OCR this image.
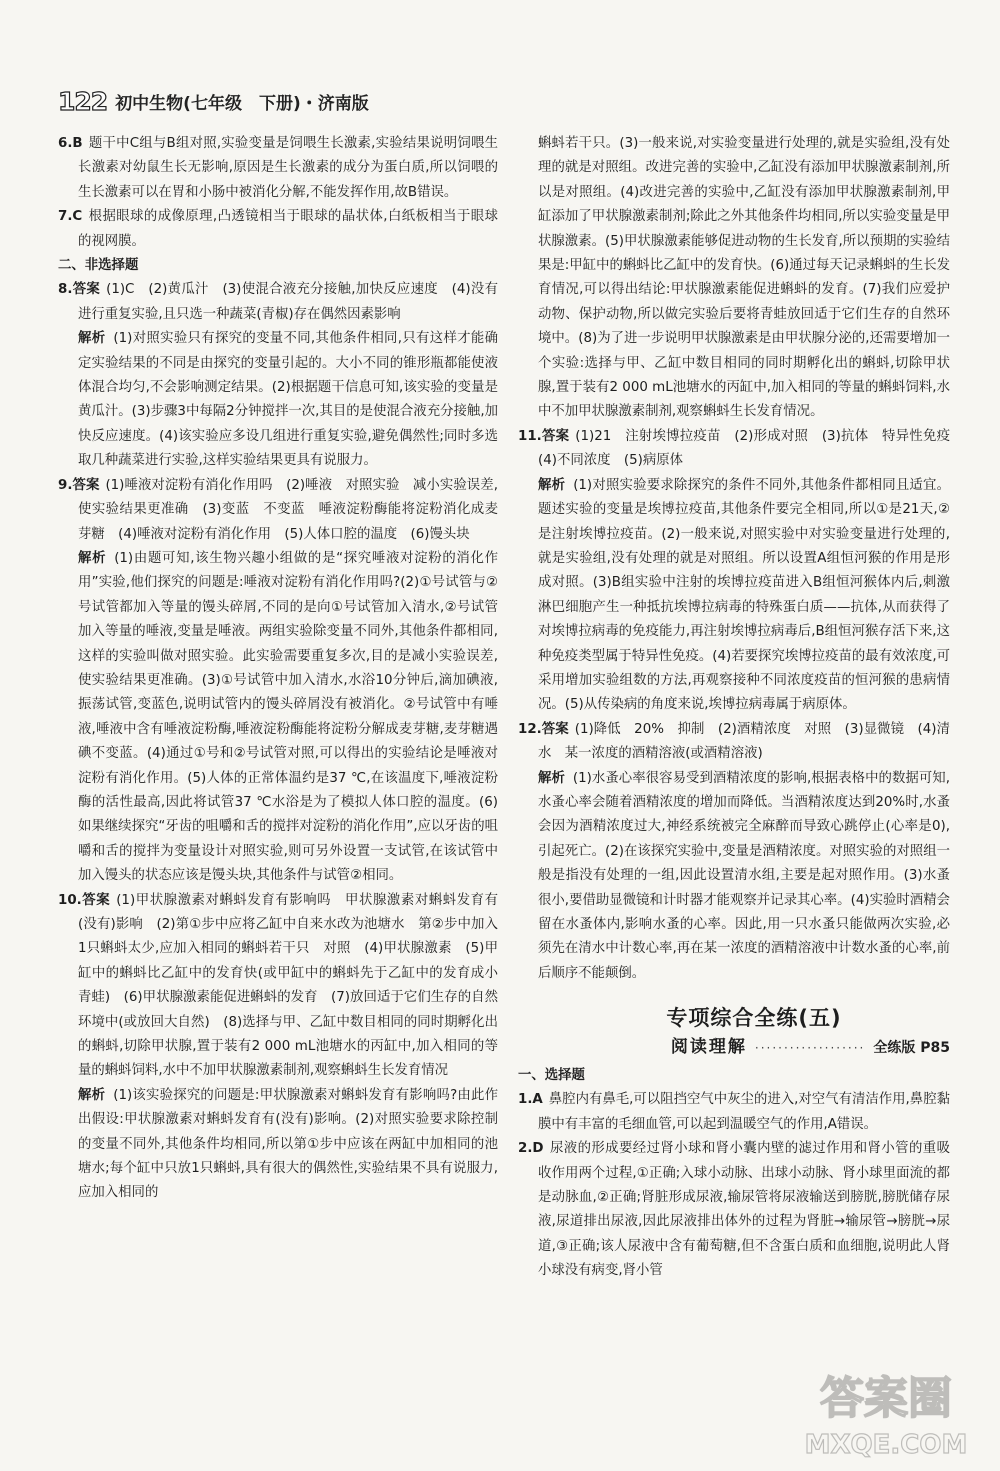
122 初中生物(七年级　下册)・济南版

6.B 题干中C组与B组对照,实验变量是饲喂生长激素,实验结果说明饲喂生长激素对幼鼠生长无影响,原因是生长激素的成分为蛋白质,所以饲喂的生长激素可以在胃和小肠中被消化分解,不能发挥作用,故B错误。

7.C 根据眼球的成像原理,凸透镜相当于眼球的晶状体,白纸板相当于眼球的视网膜。

二、非选择题

8.答案 (1)C　(2)黄瓜汁　(3)使混合液充分接触,加快反应速度　(4)没有进行重复实验,且只选一种蔬菜(青椒)存在偶然因素影响

解析 (1)对照实验只有探究的变量不同,其他条件相同,只有这样才能确定实验结果的不同是由探究的变量引起的。大小不同的锥形瓶都能使液体混合均匀,不会影响测定结果。(2)根据题干信息可知,该实验的变量是黄瓜汁。(3)步骤3中每隔2分钟搅拌一次,其目的是使混合液充分接触,加快反应速度。(4)该实验应多设几组进行重复实验,避免偶然性;同时多选取几种蔬菜进行实验,这样实验结果更具有说服力。

9.答案 (1)唾液对淀粉有消化作用吗　(2)唾液　对照实验　减小实验误差,使实验结果更准确　(3)变蓝　不变蓝　唾液淀粉酶能将淀粉消化成麦芽糖　(4)唾液对淀粉有消化作用　(5)人体口腔的温度　(6)馒头块

解析 (1)由题可知,该生物兴趣小组做的是“探究唾液对淀粉的消化作用”实验,他们探究的问题是:唾液对淀粉有消化作用吗?(2)①号试管与②号试管都加入等量的馒头碎屑,不同的是向①号试管加入清水,②号试管加入等量的唾液,变量是唾液。两组实验除变量不同外,其他条件都相同,这样的实验叫做对照实验。此实验需要重复多次,目的是减小实验误差,使实验结果更准确。(3)①号试管中加入清水,水浴10分钟后,滴加碘液,振荡试管,变蓝色,说明试管内的馒头碎屑没有被消化。②号试管中有唾液,唾液中含有唾液淀粉酶,唾液淀粉酶能将淀粉分解成麦芽糖,麦芽糖遇碘不变蓝。(4)通过①号和②号试管对照,可以得出的实验结论是唾液对淀粉有消化作用。(5)人体的正常体温约是37 ℃,在该温度下,唾液淀粉酶的活性最高,因此将试管37 ℃水浴是为了模拟人体口腔的温度。(6)如果继续探究“牙齿的咀嚼和舌的搅拌对淀粉的消化作用”,应以牙齿的咀嚼和舌的搅拌为变量设计对照实验,则可另外设置一支试管,在该试管中加入馒头的状态应该是馒头块,其他条件与试管②相同。

10.答案 (1)甲状腺激素对蝌蚪发育有影响吗　甲状腺激素对蝌蚪发育有(没有)影响　(2)第①步中应将乙缸中自来水改为池塘水　第②步中加入1只蝌蚪太少,应加入相同的蝌蚪若干只　对照　(4)甲状腺激素　(5)甲缸中的蝌蚪比乙缸中的发育快(或甲缸中的蝌蚪先于乙缸中的发育成小青蛙)　(6)甲状腺激素能促进蝌蚪的发育　(7)放回适于它们生存的自然环境中(或放回大自然)　(8)选择与甲、乙缸中数目相同的同时期孵化出的蝌蚪,切除甲状腺,置于装有2 000 mL池塘水的丙缸中,加入相同的等量的蝌蚪饲料,水中不加甲状腺激素制剂,观察蝌蚪生长发育情况

解析 (1)该实验探究的问题是:甲状腺激素对蝌蚪发育有影响吗?由此作出假设:甲状腺激素对蝌蚪发育有(没有)影响。(2)对照实验要求除控制的变量不同外,其他条件均相同,所以第①步中应该在两缸中加相同的池塘水;每个缸中只放1只蝌蚪,具有很大的偶然性,实验结果不具有说服力,应加入相同的

蝌蚪若干只。(3)一般来说,对实验变量进行处理的,就是实验组,没有处理的就是对照组。改进完善的实验中,乙缸没有添加甲状腺激素制剂,所以是对照组。(4)改进完善的实验中,乙缸没有添加甲状腺激素制剂,甲缸添加了甲状腺激素制剂;除此之外其他条件均相同,所以实验变量是甲状腺激素。(5)甲状腺激素能够促进动物的生长发育,所以预期的实验结果是:甲缸中的蝌蚪比乙缸中的发育快。(6)通过每天记录蝌蚪的生长发育情况,可以得出结论:甲状腺激素能促进蝌蚪的发育。(7)我们应爱护动物、保护动物,所以做完实验后要将青蛙放回适于它们生存的自然环境中。(8)为了进一步说明甲状腺激素是由甲状腺分泌的,还需要增加一个实验:选择与甲、乙缸中数目相同的同时期孵化出的蝌蚪,切除甲状腺,置于装有2 000 mL池塘水的丙缸中,加入相同的等量的蝌蚪饲料,水中不加甲状腺激素制剂,观察蝌蚪生长发育情况。

11.答案 (1)21　注射埃博拉疫苗　(2)形成对照　(3)抗体　特异性免疫　(4)不同浓度　(5)病原体

解析 (1)对照实验要求除探究的条件不同外,其他条件都相同且适宜。题述实验的变量是埃博拉疫苗,其他条件要完全相同,所以①是21天,②是注射埃博拉疫苗。(2)一般来说,对照实验中对实验变量进行处理的,就是实验组,没有处理的就是对照组。所以设置A组恒河猴的作用是形成对照。(3)B组实验中注射的埃博拉疫苗进入B组恒河猴体内后,刺激淋巴细胞产生一种抵抗埃博拉病毒的特殊蛋白质——抗体,从而获得了对埃博拉病毒的免疫能力,再注射埃博拉病毒后,B组恒河猴存活下来,这种免疫类型属于特异性免疫。(4)若要探究埃博拉疫苗的最有效浓度,可采用增加实验组数的方法,再观察接种不同浓度疫苗的恒河猴的患病情况。(5)从传染病的角度来说,埃博拉病毒属于病原体。

12.答案 (1)降低　20%　抑制　(2)酒精浓度　对照　(3)显微镜　(4)清水　某一浓度的酒精溶液(或酒精溶液)

解析 (1)水蚤心率很容易受到酒精浓度的影响,根据表格中的数据可知,水蚤心率会随着酒精浓度的增加而降低。当酒精浓度达到20%时,水蚤会因为酒精浓度过大,神经系统被完全麻醉而导致心跳停止(心率是0),引起死亡。(2)在该探究实验中,变量是酒精浓度。对照实验的对照组一般是指没有处理的一组,因此设置清水组,主要是起对照作用。(3)水蚤很小,要借助显微镜和计时器才能观察并记录其心率。(4)实验时酒精会留在水蚤体内,影响水蚤的心率。因此,用一只水蚤只能做两次实验,必须先在清水中计数心率,再在某一浓度的酒精溶液中计数水蚤的心率,前后顺序不能颠倒。

专项综合全练(五)
阅读理解 ··················· 全练版 P85

一、选择题

1.A 鼻腔内有鼻毛,可以阻挡空气中灰尘的进入,对空气有清洁作用,鼻腔黏膜中有丰富的毛细血管,可以起到温暖空气的作用,A错误。

2.D 尿液的形成要经过肾小球和肾小囊内壁的滤过作用和肾小管的重吸收作用两个过程,①正确;入球小动脉、出球小动脉、肾小球里面流的都是动脉血,②正确;肾脏形成尿液,输尿管将尿液输送到膀胱,膀胱储存尿液,尿道排出尿液,因此尿液排出体外的过程为肾脏→输尿管→膀胱→尿道,③正确;该人尿液中含有葡萄糖,但不含蛋白质和血细胞,说明此人肾小球没有病变,肾小管

答案圈
MXQE.COM
